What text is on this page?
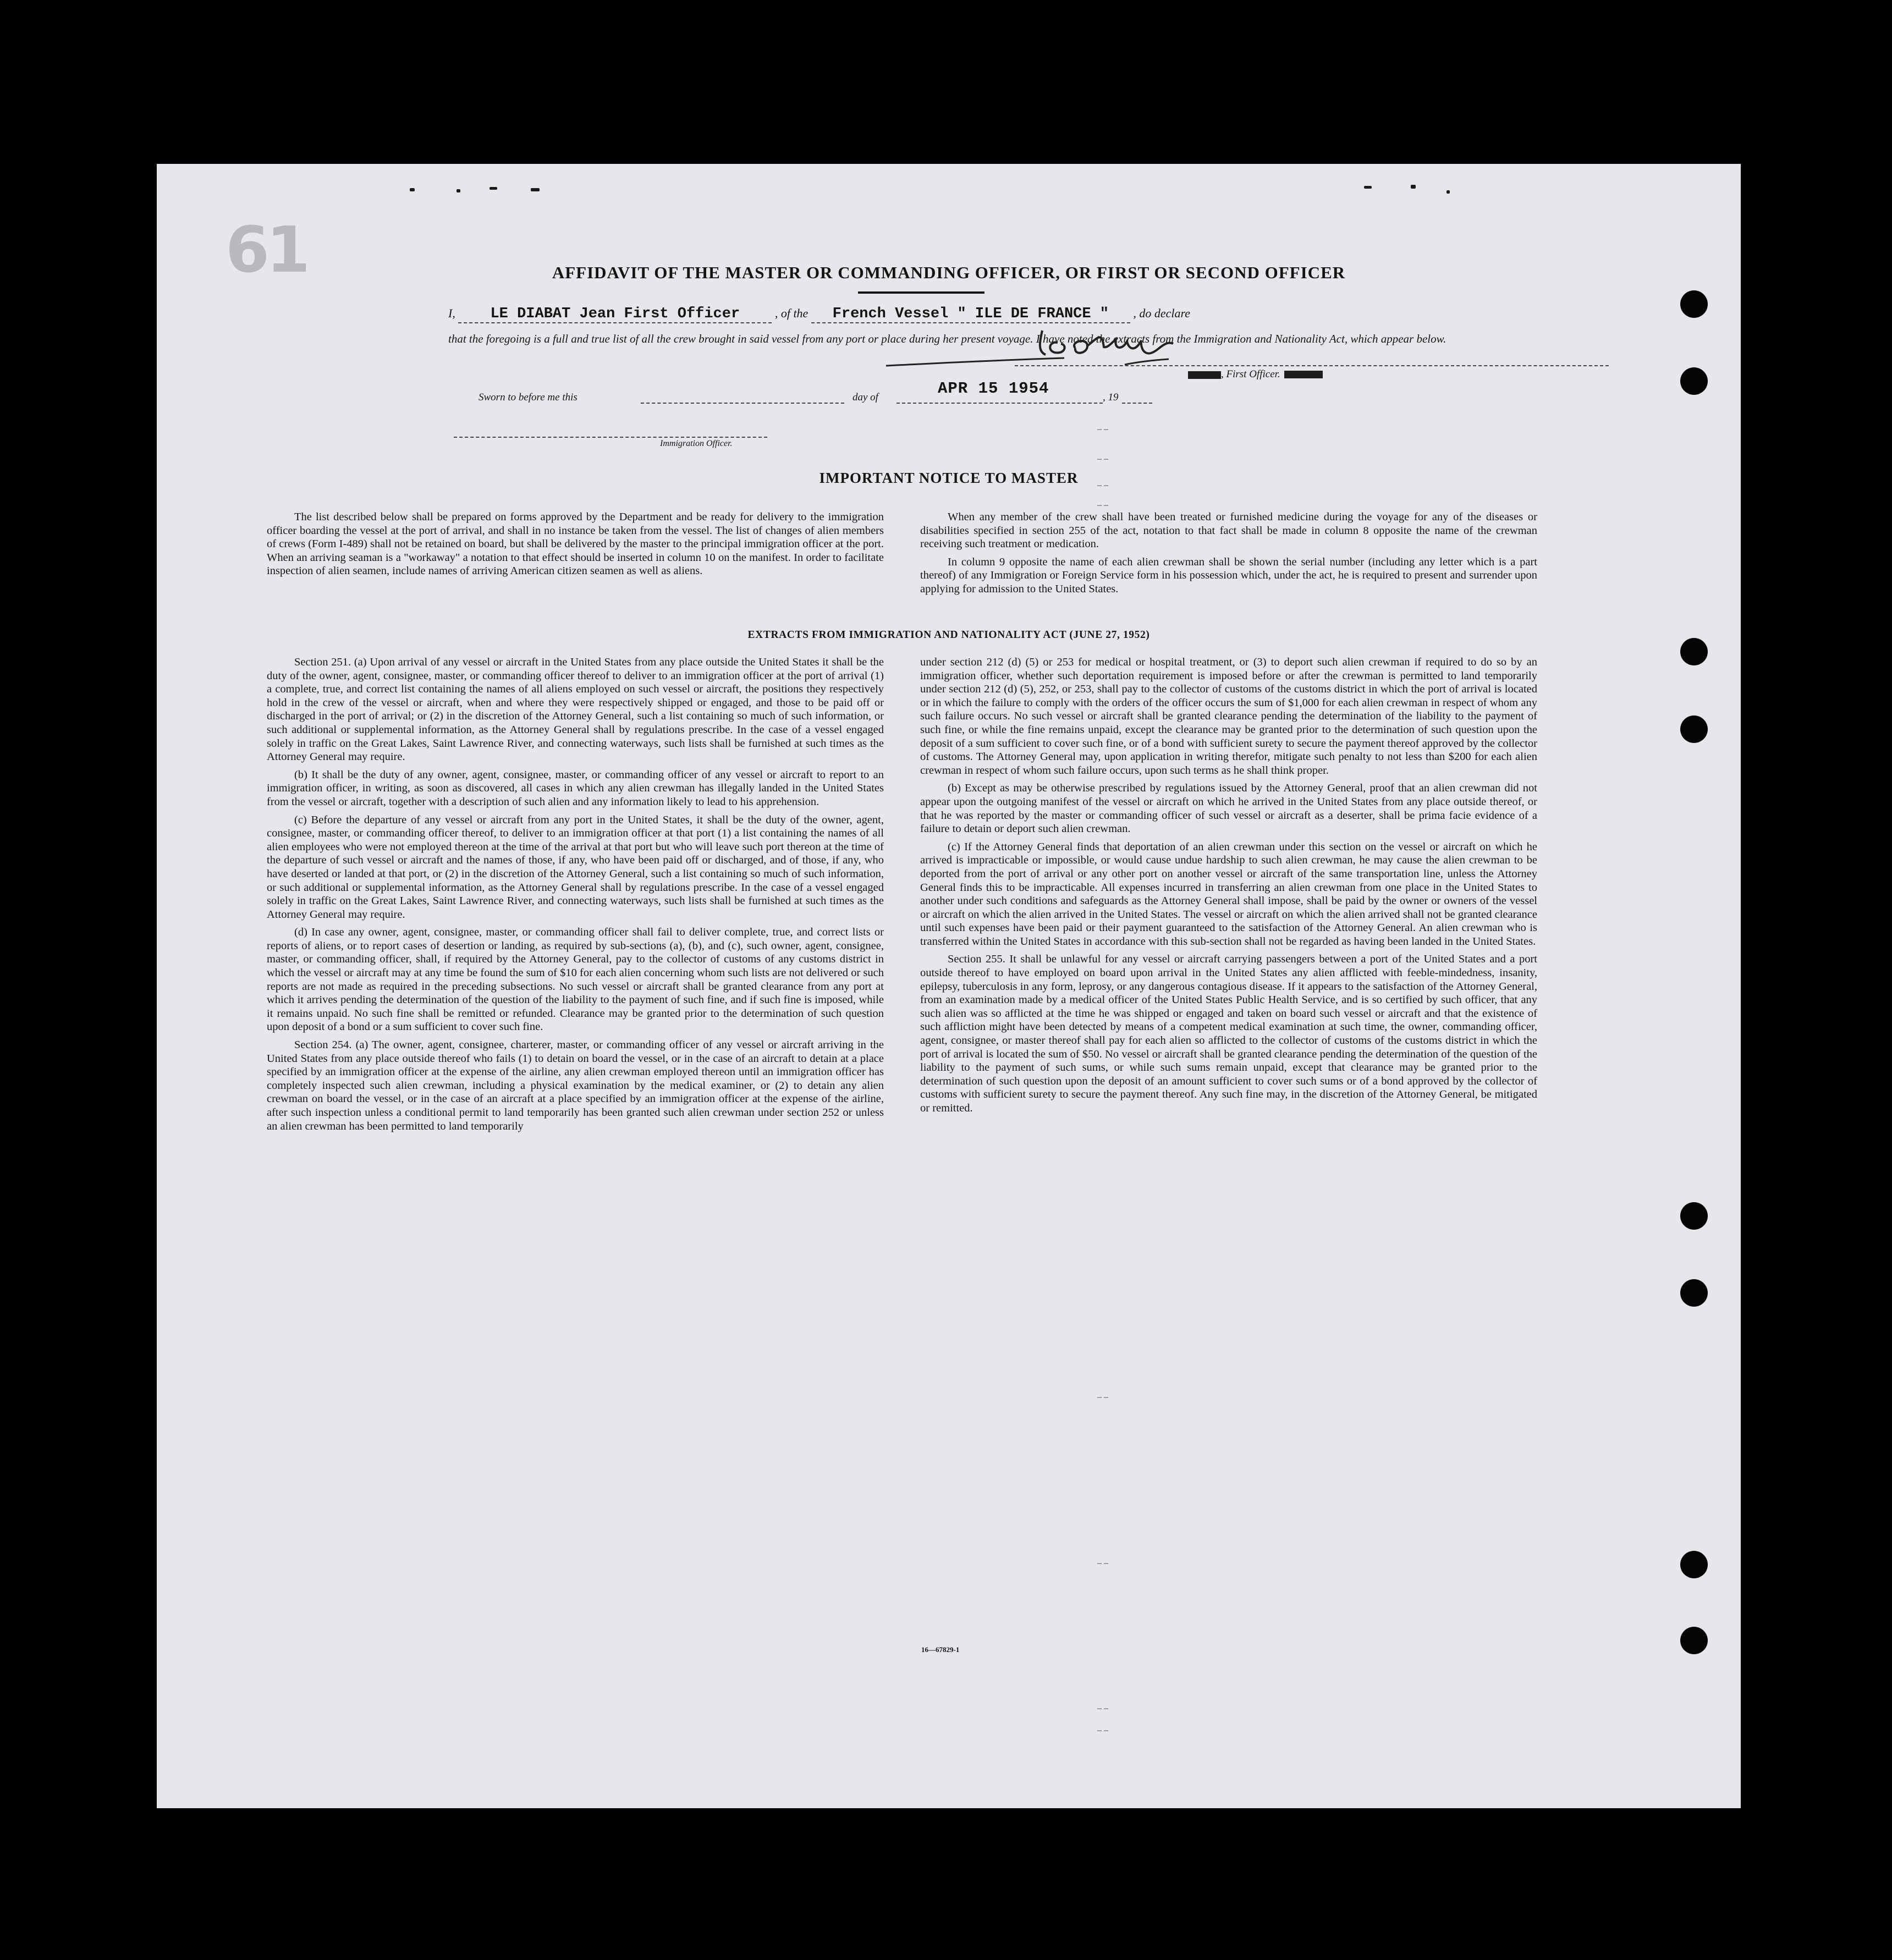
61	AFFIDAVIT OF THE MASTER OR COMMANDING OFFICER, OR FIRST OR SECOND OFFICER
I, LE DIABAT Jean First Officer	, of the French Vessel " ILE DE FRANCE " , do declare
that the foregoing is a full and true list of all the crew brought in said vessel from any port or place during her present voyage. I have noted the extracts from the Immigration and Nationality Act, which appear below.
, First Officer.
Sworn to before me this	day of	APR 15 1954	, 19
Immigration Officer.
– –
– –
– –
– –
– –
– –
– –
– –
IMPORTANT NOTICE TO MASTER

The list described below shall be prepared on forms approved by the Department and be ready for delivery to the immigration officer boarding the vessel at the port of arrival, and shall in no instance be taken from the vessel. The list of changes of alien members of crews (Form I-489) shall not be retained on board, but shall be delivered by the master to the principal immigration officer at the port. When an arriving seaman is a "workaway" a notation to that effect should be inserted in column 10 on the manifest. In order to facilitate inspection of alien seamen, include names of arriving American citizen seamen as well as aliens.

When any member of the crew shall have been treated or furnished medicine during the voyage for any of the diseases or disabilities specified in section 255 of the act, notation to that fact shall be made in column 8 opposite the name of the crewman receiving such treatment or medication.

In column 9 opposite the name of each alien crewman shall be shown the serial number (including any letter which is a part thereof) of any Immigration or Foreign Service form in his possession which, under the act, he is required to present and surrender upon applying for admission to the United States.

EXTRACTS FROM IMMIGRATION AND NATIONALITY ACT (JUNE 27, 1952)

Section 251. (a) Upon arrival of any vessel or aircraft in the United States from any place outside the United States it shall be the duty of the owner, agent, consignee, master, or commanding officer thereof to deliver to an immigration officer at the port of arrival (1) a complete, true, and correct list containing the names of all aliens employed on such vessel or aircraft, the positions they respectively hold in the crew of the vessel or aircraft, when and where they were respectively shipped or engaged, and those to be paid off or discharged in the port of arrival; or (2) in the discretion of the Attorney General, such a list containing so much of such information, or such additional or supplemental information, as the Attorney General shall by regulations prescribe. In the case of a vessel engaged solely in traffic on the Great Lakes, Saint Lawrence River, and connecting waterways, such lists shall be furnished at such times as the Attorney General may require.

(b) It shall be the duty of any owner, agent, consignee, master, or commanding officer of any vessel or aircraft to report to an immigration officer, in writing, as soon as discovered, all cases in which any alien crewman has illegally landed in the United States from the vessel or aircraft, together with a description of such alien and any information likely to lead to his apprehension.

(c) Before the departure of any vessel or aircraft from any port in the United States, it shall be the duty of the owner, agent, consignee, master, or commanding officer thereof, to deliver to an immigration officer at that port (1) a list containing the names of all alien employees who were not employed thereon at the time of the arrival at that port but who will leave such port thereon at the time of the departure of such vessel or aircraft and the names of those, if any, who have been paid off or discharged, and of those, if any, who have deserted or landed at that port, or (2) in the discretion of the Attorney General, such a list containing so much of such information, or such additional or supplemental information, as the Attorney General shall by regulations prescribe. In the case of a vessel engaged solely in traffic on the Great Lakes, Saint Lawrence River, and connecting waterways, such lists shall be furnished at such times as the Attorney General may require.

(d) In case any owner, agent, consignee, master, or commanding officer shall fail to deliver complete, true, and correct lists or reports of aliens, or to report cases of desertion or landing, as required by sub-sections (a), (b), and (c), such owner, agent, consignee, master, or commanding officer, shall, if required by the Attorney General, pay to the collector of customs of any customs district in which the vessel or aircraft may at any time be found the sum of $10 for each alien concerning whom such lists are not delivered or such reports are not made as required in the preceding subsections. No such vessel or aircraft shall be granted clearance from any port at which it arrives pending the determination of the question of the liability to the payment of such fine, and if such fine is imposed, while it remains unpaid. No such fine shall be remitted or refunded. Clearance may be granted prior to the determination of such question upon deposit of a bond or a sum sufficient to cover such fine.

Section 254. (a) The owner, agent, consignee, charterer, master, or commanding officer of any vessel or aircraft arriving in the United States from any place outside thereof who fails (1) to detain on board the vessel, or in the case of an aircraft to detain at a place specified by an immigration officer at the expense of the airline, any alien crewman employed thereon until an immigration officer has completely inspected such alien crewman, including a physical examination by the medical examiner, or (2) to detain any alien crewman on board the vessel, or in the case of an aircraft at a place specified by an immigration officer at the expense of the airline, after such inspection unless a conditional permit to land temporarily has been granted such alien crewman under section 252 or unless an alien crewman has been permitted to land temporarily

under section 212 (d) (5) or 253 for medical or hospital treatment, or (3) to deport such alien crewman if required to do so by an immigration officer, whether such deportation requirement is imposed before or after the crewman is permitted to land temporarily under section 212 (d) (5), 252, or 253, shall pay to the collector of customs of the customs district in which the port of arrival is located or in which the failure to comply with the orders of the officer occurs the sum of $1,000 for each alien crewman in respect of whom any such failure occurs. No such vessel or aircraft shall be granted clearance pending the determination of the liability to the payment of such fine, or while the fine remains unpaid, except the clearance may be granted prior to the determination of such question upon the deposit of a sum sufficient to cover such fine, or of a bond with sufficient surety to secure the payment thereof approved by the collector of customs. The Attorney General may, upon application in writing therefor, mitigate such penalty to not less than $200 for each alien crewman in respect of whom such failure occurs, upon such terms as he shall think proper.

(b) Except as may be otherwise prescribed by regulations issued by the Attorney General, proof that an alien crewman did not appear upon the outgoing manifest of the vessel or aircraft on which he arrived in the United States from any place outside thereof, or that he was reported by the master or commanding officer of such vessel or aircraft as a deserter, shall be prima facie evidence of a failure to detain or deport such alien crewman.

(c) If the Attorney General finds that deportation of an alien crewman under this section on the vessel or aircraft on which he arrived is impracticable or impossible, or would cause undue hardship to such alien crewman, he may cause the alien crewman to be deported from the port of arrival or any other port on another vessel or aircraft of the same transportation line, unless the Attorney General finds this to be impracticable. All expenses incurred in transferring an alien crewman from one place in the United States to another under such conditions and safeguards as the Attorney General shall impose, shall be paid by the owner or owners of the vessel or aircraft on which the alien arrived in the United States. The vessel or aircraft on which the alien arrived shall not be granted clearance until such expenses have been paid or their payment guaranteed to the satisfaction of the Attorney General. An alien crewman who is transferred within the United States in accordance with this sub-section shall not be regarded as having been landed in the United States.

Section 255. It shall be unlawful for any vessel or aircraft carrying passengers between a port of the United States and a port outside thereof to have employed on board upon arrival in the United States any alien afflicted with feeble-mindedness, insanity, epilepsy, tuberculosis in any form, leprosy, or any dangerous contagious disease. If it appears to the satisfaction of the Attorney General, from an examination made by a medical officer of the United States Public Health Service, and is so certified by such officer, that any such alien was so afflicted at the time he was shipped or engaged and taken on board such vessel or aircraft and that the existence of such affliction might have been detected by means of a competent medical examination at such time, the owner, commanding officer, agent, consignee, or master thereof shall pay for each alien so afflicted to the collector of customs of the customs district in which the port of arrival is located the sum of $50. No vessel or aircraft shall be granted clearance pending the determination of the question of the liability to the payment of such sums, or while such sums remain unpaid, except that clearance may be granted prior to the determination of such question upon the deposit of an amount sufficient to cover such sums or of a bond approved by the collector of customs with sufficient surety to secure the payment thereof. Any such fine may, in the discretion of the Attorney General, be mitigated or remitted.

16—67829-1
